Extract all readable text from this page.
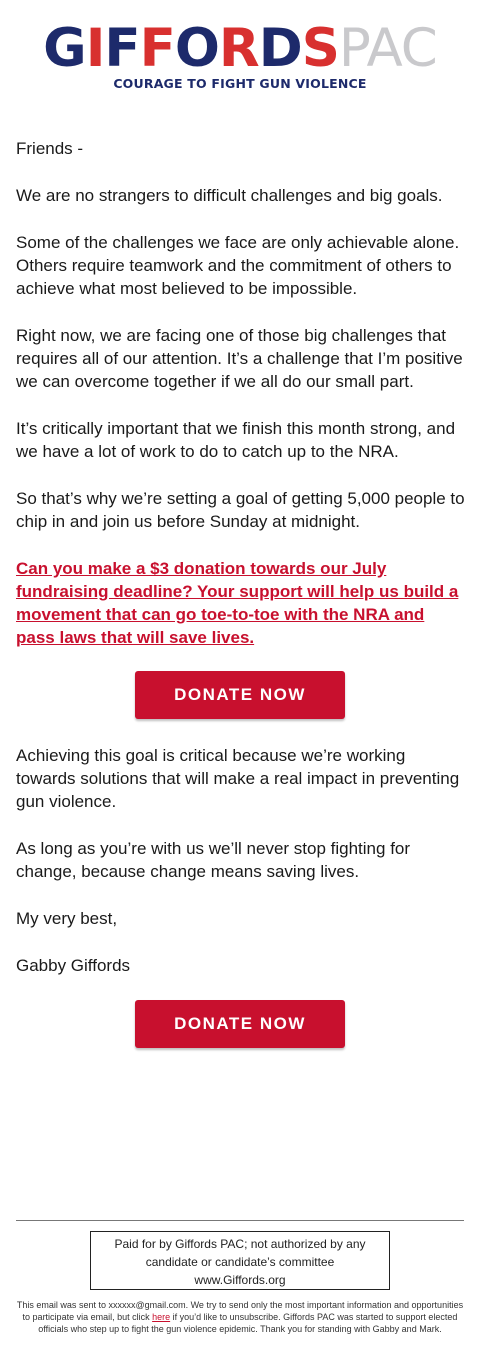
GIFFORDSPAC
COURAGE TO FIGHT GUN VIOLENCE

Friends -

We are no strangers to difficult challenges and big goals.

Some of the challenges we face are only achievable alone. Others require teamwork and the commitment of others to achieve what most believed to be impossible.

Right now, we are facing one of those big challenges that requires all of our attention. It’s a challenge that I’m positive we can overcome together if we all do our small part.

It’s critically important that we finish this month strong, and we have a lot of work to do to catch up to the NRA.

So that’s why we’re setting a goal of getting 5,000 people to chip in and join us before Sunday at midnight.

Can you make a $3 donation towards our July fundraising deadline? Your support will help us build a movement that can go toe-to-toe with the NRA and pass laws that will save lives.

DONATE NOW

Achieving this goal is critical because we’re working towards solutions that will make a real impact in preventing gun violence.

As long as you’re with us we’ll never stop fighting for change, because change means saving lives.

My very best,

Gabby Giffords

DONATE NOW
Paid for by Giffords PAC; not authorized by any
candidate or candidate’s committee
www.Giffords.org
This email was sent to xxxxxx@gmail.com. We try to send only the most important information and opportunities to participate via email, but click here if you’d like to unsubscribe. Giffords PAC was started to support elected officials who step up to fight the gun violence epidemic. Thank you for standing with Gabby and Mark.
